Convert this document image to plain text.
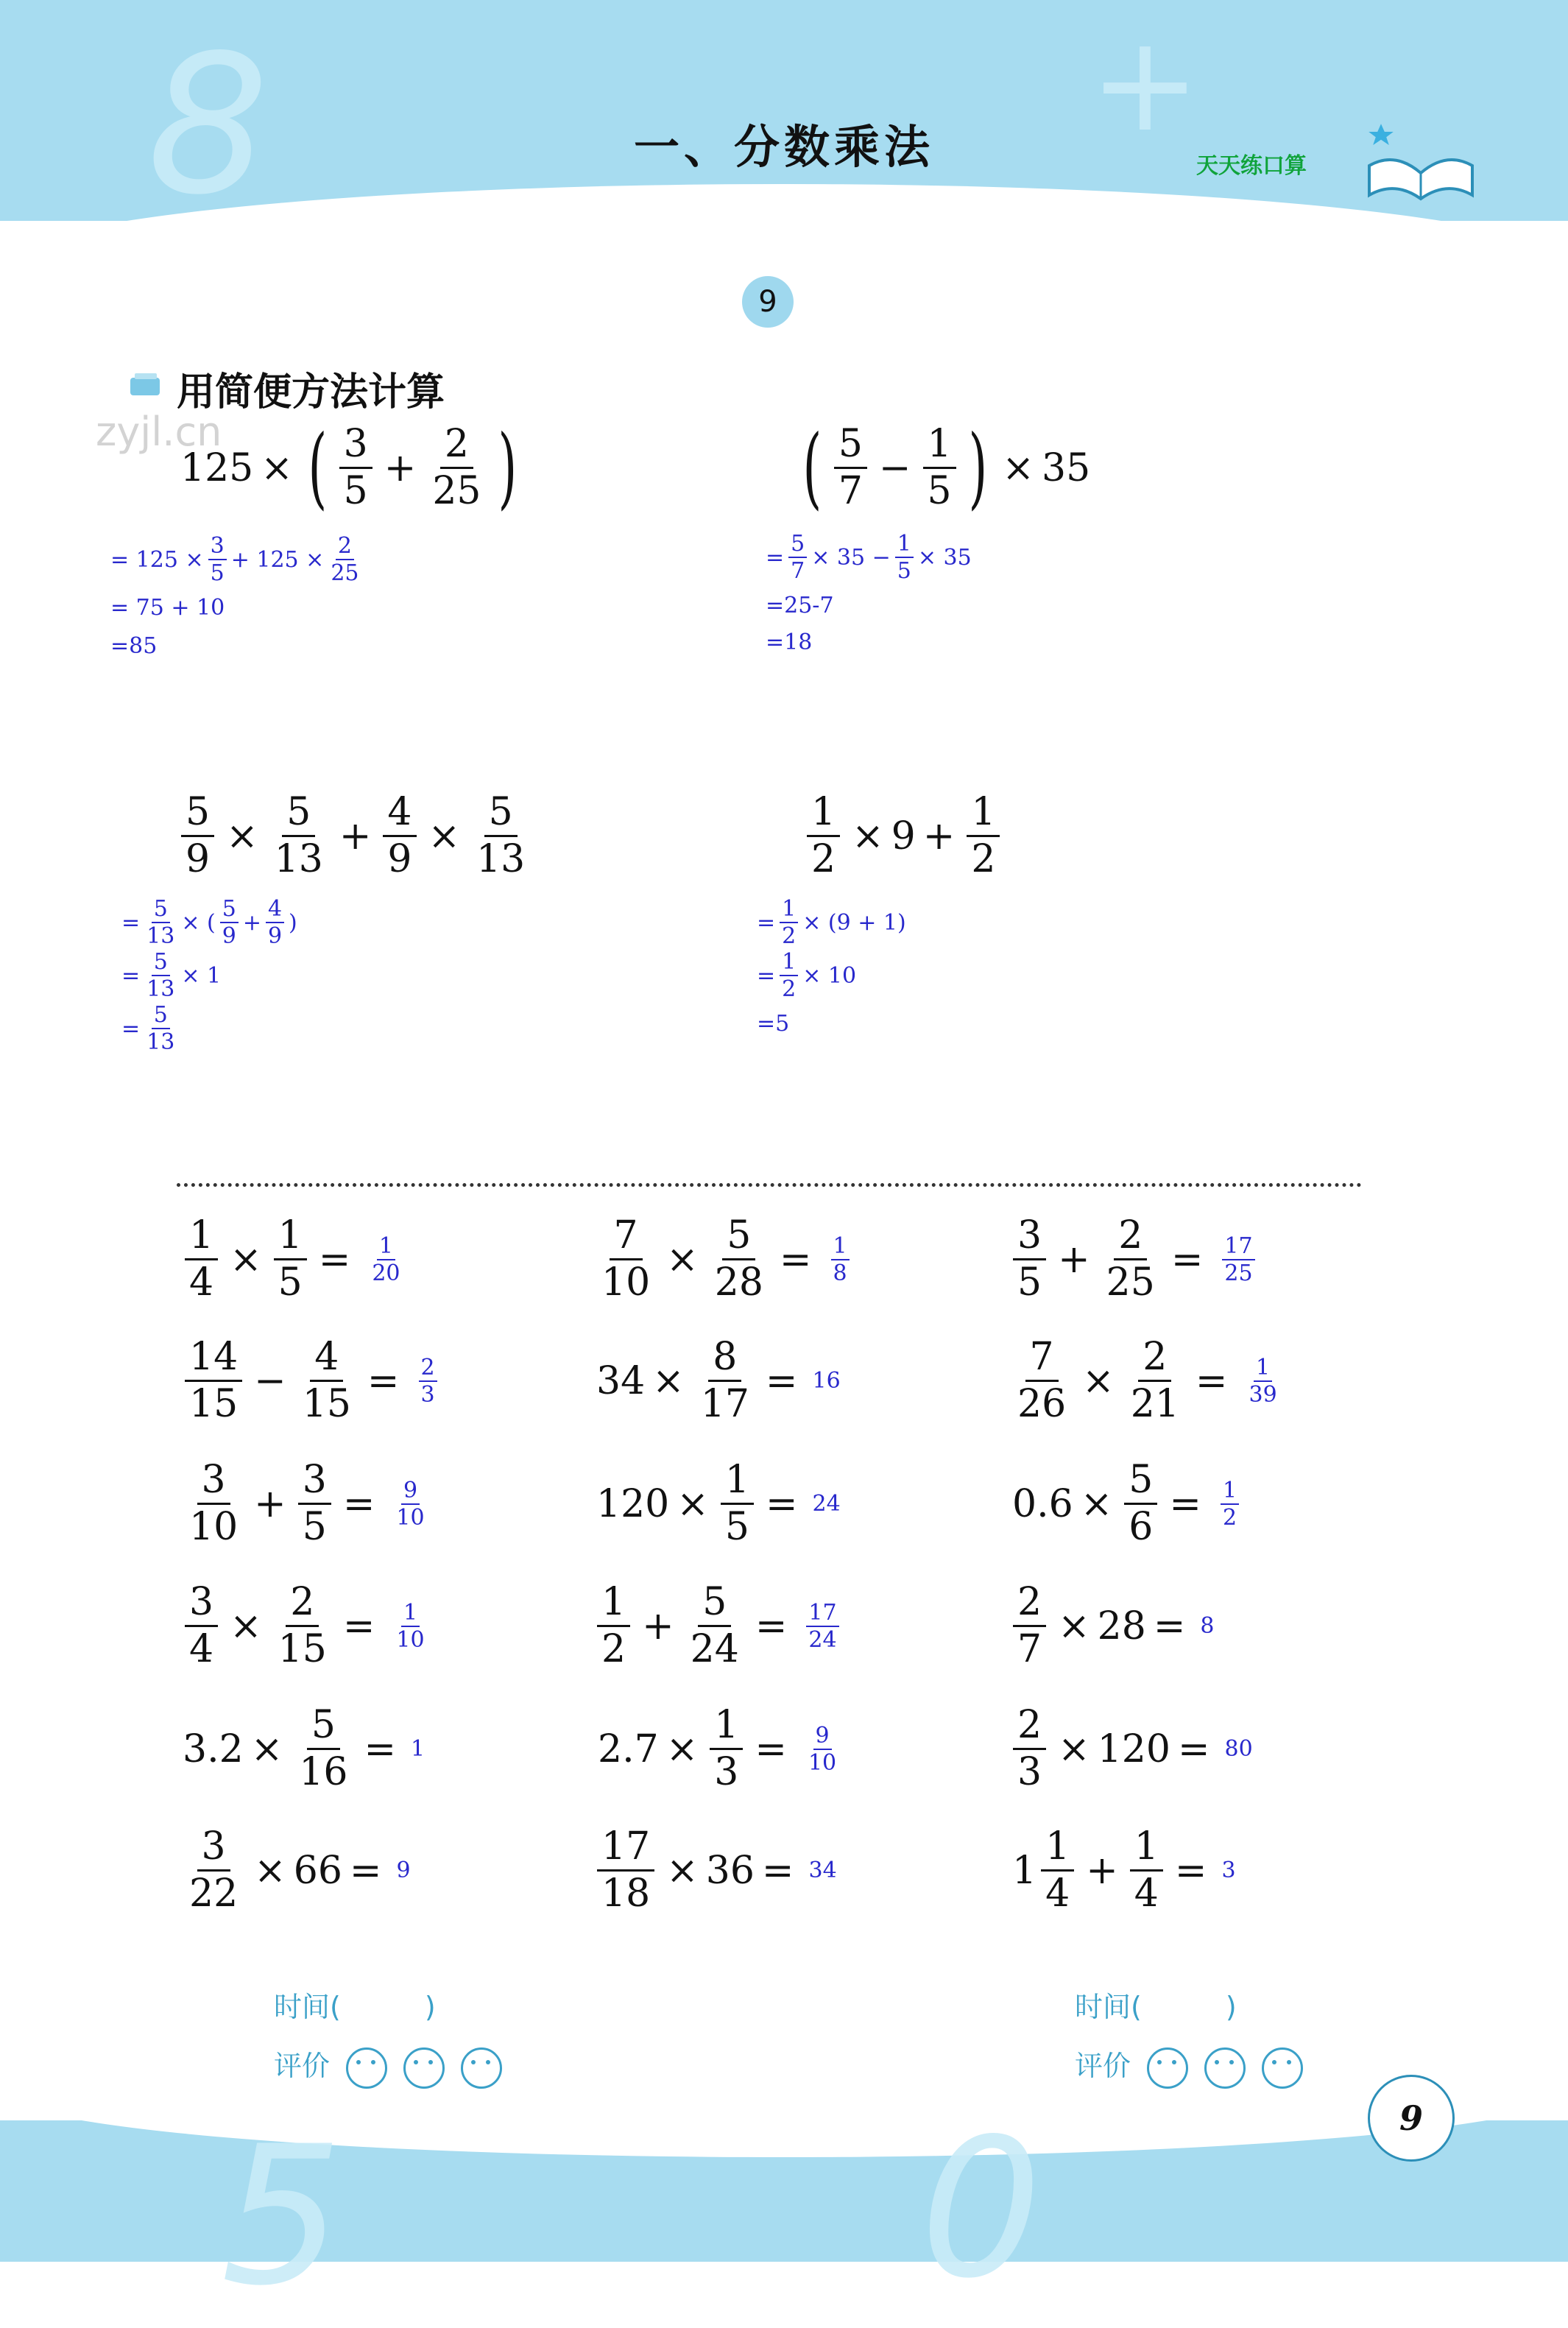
8	+
5	0
一、分数乘法	天天练口算
9
用简便方法计算
zyjl.cn
125 × ( $\frac{3}{5} + \frac{2}{25}$ )
= $125 \times \frac{3}{5} + 125 \times \frac{2}{25}$
= 75 + 10
=85
( $\frac{5}{7} - \frac{1}{5}$ ) × 35
= $\frac{5}{7} \times 35 - \frac{1}{5} \times 35$
=25-7
=18
$\frac{5}{9} \times \frac{5}{13} + \frac{4}{9} \times \frac{5}{13}$
= $\frac{5}{13}$ × ( $\frac{5}{9} + \frac{4}{9}$ )
= $\frac{5}{13} \times 1$
= $\frac{5}{13}$
$\frac{1}{2} \times 9 + \frac{1}{2}$
= $\frac{1}{2} \times (9 + 1)$
= $\frac{1}{2} \times 10$
=5
$\frac{1}{4} \times \frac{1}{5} = \frac{1}{20}$	$\frac{7}{10} \times \frac{5}{28} = \frac{1}{8}$	$\frac{3}{5} + \frac{2}{25} = \frac{17}{25}$
$\frac{14}{15} - \frac{4}{15} = \frac{2}{3}$	$34 \times \frac{8}{17} = 16$	$\frac{7}{26} \times \frac{2}{21} = \frac{1}{39}$
$\frac{3}{10} + \frac{3}{5} = \frac{9}{10}$	$120 \times \frac{1}{5} = 24$	$0.6 \times \frac{5}{6} = \frac{1}{2}$
$\frac{3}{4} \times \frac{2}{15} = \frac{1}{10}$	$\frac{1}{2} + \frac{5}{24} = \frac{17}{24}$	$\frac{2}{7} \times 28 = 8$
$3.2 \times \frac{5}{16} = 1$	$2.7 \times \frac{1}{3} = \frac{9}{10}$	$\frac{2}{3} \times 120 = 80$
$\frac{3}{22} \times 66 = 9$	$\frac{17}{18} \times 36 = 34$	$1 \frac{1}{4} + \frac{1}{4} = 3$
时间(　　　)
评价
时间(　　　)
评价
9
